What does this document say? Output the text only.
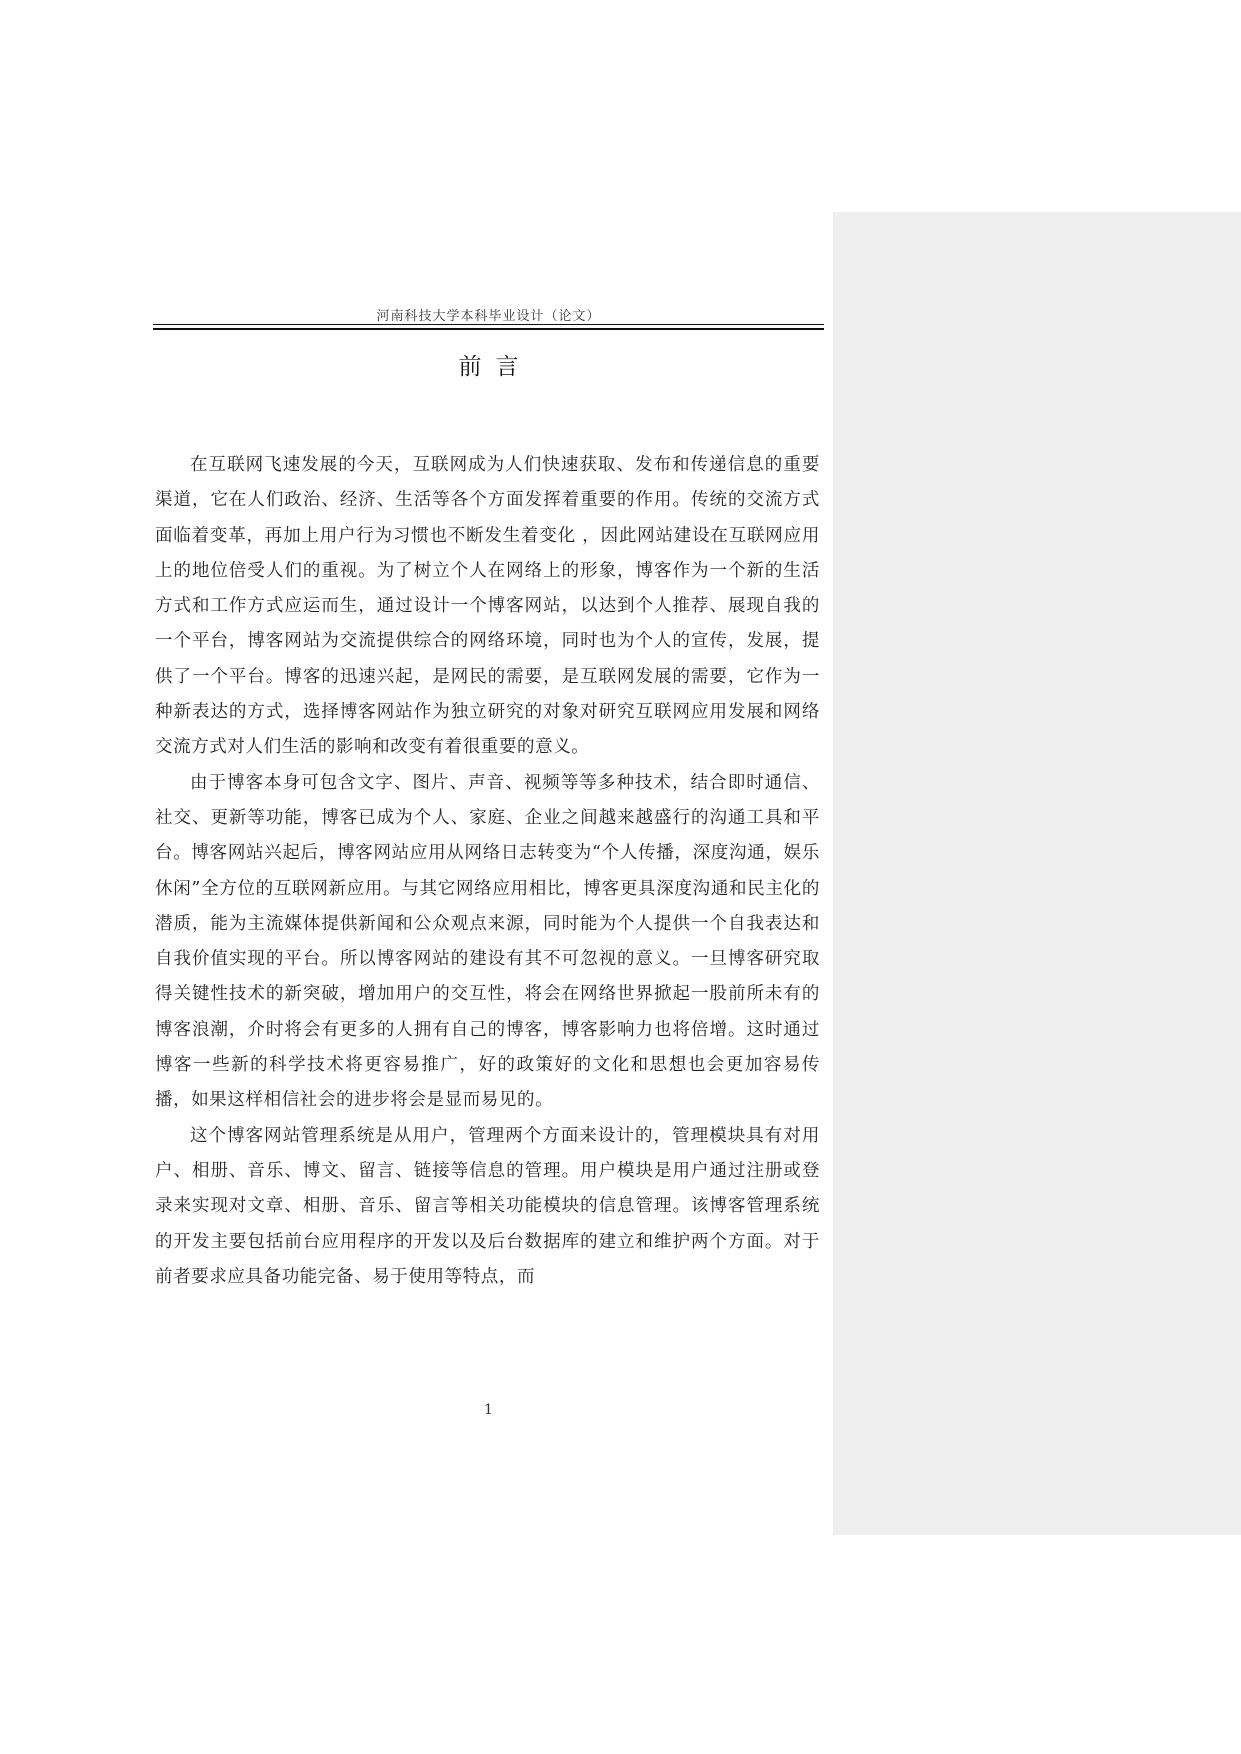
河南科技大学本科毕业设计（论文）
前言

在互联网飞速发展的今天，互联网成为人们快速获取、发布和传递信息的重要渠道，它在人们政治、经济、生活等各个方面发挥着重要的作用。传统的交流方式面临着变革，再加上用户行为习惯也不断发生着变化 ，因此网站建设在互联网应用上的地位倍受人们的重视。为了树立个人在网络上的形象，博客作为一个新的生活方式和工作方式应运而生，通过设计一个博客网站，以达到个人推荐、展现自我的一个平台，博客网站为交流提供综合的网络环境，同时也为个人的宣传，发展，提供了一个平台。博客的迅速兴起，是网民的需要，是互联网发展的需要，它作为一种新表达的方式，选择博客网站作为独立研究的对象对研究互联网应用发展和网络交流方式对人们生活的影响和改变有着很重要的意义。

由于博客本身可包含文字、图片、声音、视频等等多种技术，结合即时通信、社交、更新等功能，博客已成为个人、家庭、企业之间越来越盛行的沟通工具和平台。博客网站兴起后，博客网站应用从网络日志转变为“个人传播，深度沟通，娱乐休闲”全方位的互联网新应用。与其它网络应用相比，博客更具深度沟通和民主化的潜质，能为主流媒体提供新闻和公众观点来源，同时能为个人提供一个自我表达和自我价值实现的平台。所以博客网站的建设有其不可忽视的意义。一旦博客研究取得关键性技术的新突破，增加用户的交互性，将会在网络世界掀起一股前所未有的博客浪潮，介时将会有更多的人拥有自己的博客，博客影响力也将倍增。这时通过博客一些新的科学技术将更容易推广，好的政策好的文化和思想也会更加容易传播，如果这样相信社会的进步将会是显而易见的。

这个博客网站管理系统是从用户，管理两个方面来设计的，管理模块具有对用户、相册、音乐、博文、留言、链接等信息的管理。用户模块是用户通过注册或登录来实现对文章、相册、音乐、留言等相关功能模块的信息管理。该博客管理系统的开发主要包括前台应用程序的开发以及后台数据库的建立和维护两个方面。对于前者要求应具备功能完备、易于使用等特点，而

1
